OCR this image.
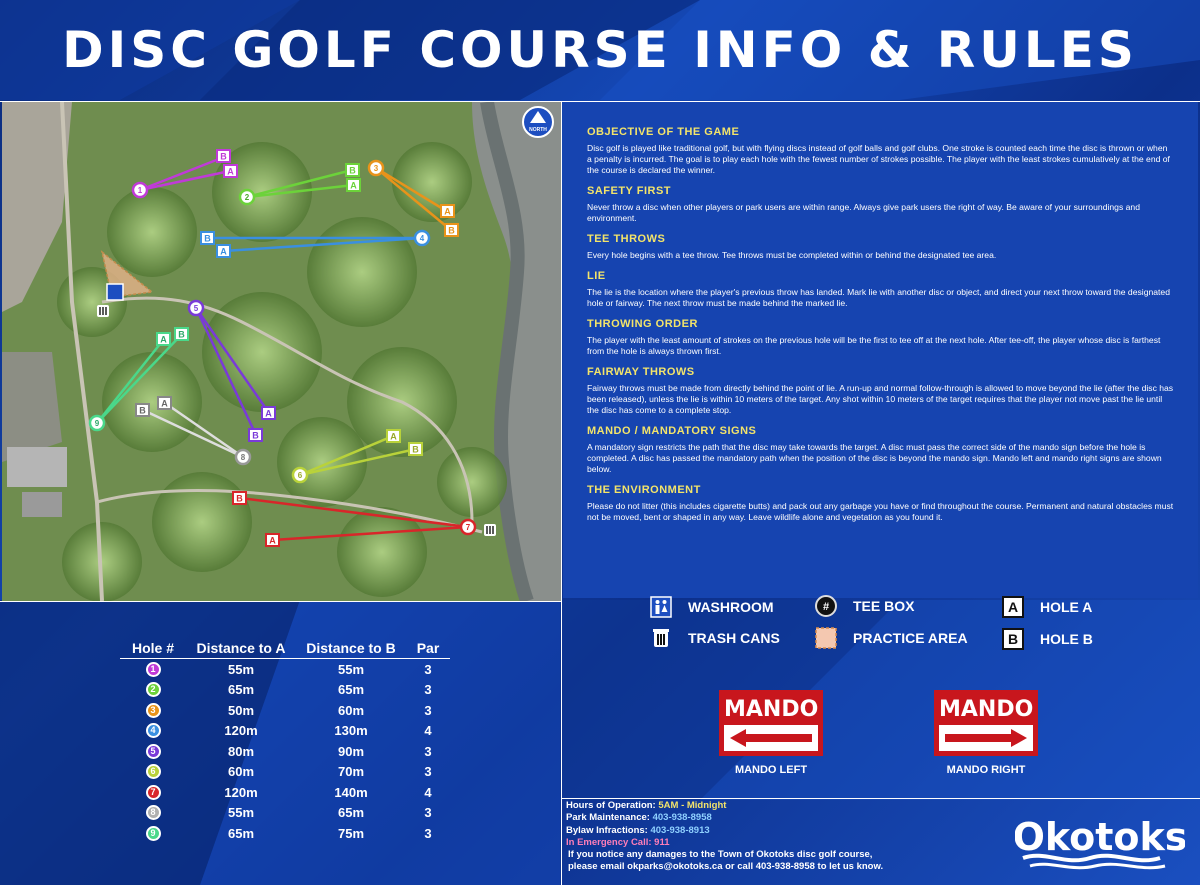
DISC GOLF COURSE INFO & RULES
B
A	B
A
A
B
B
A
A
B	A
B
B
A
B
A
A B
1
2
3
4
5
6
7
8
9
NORTH	OBJECTIVE OF THE GAME

Disc golf is played like traditional golf, but with flying discs instead of golf balls and golf clubs. One stroke is counted each time the disc is thrown or when a penalty is incurred. The goal is to play each hole with the fewest number of strokes possible. The player with the least strokes cumulatively at the end of the course is declared the winner.

SAFETY FIRST

Never throw a disc when other players or park users are within range. Always give park users the right of way. Be aware of your surroundings and environment.

TEE THROWS

Every hole begins with a tee throw. Tee throws must be completed within or behind the designated tee area.

LIE

The lie is the location where the player's previous throw has landed. Mark lie with another disc or object, and direct your next throw toward the designated hole or fairway. The next throw must be made behind the marked lie.

THROWING ORDER

The player with the least amount of strokes on the previous hole will be the first to tee off at the next hole. After tee-off, the player whose disc is farthest from the hole is always thrown first.

FAIRWAY THROWS

Fairway throws must be made from directly behind the point of lie. A run-up and normal follow-through is allowed to move beyond the lie (after the disc has been released), unless the lie is within 10 meters of the target. Any shot within 10 meters of the target requires that the player not move past the lie until the disc has come to a complete stop.

MANDO / MANDATORY SIGNS

A mandatory sign restricts the path that the disc may take towards the target. A disc must pass the correct side of the mando sign before the hole is completed. A disc has passed the mandatory path when the position of the disc is beyond the mando sign. Mando left and mando right signs are shown below.

THE ENVIRONMENT

Please do not litter (this includes cigarette butts) and pack out any garbage you have or find throughout the course. Permanent and natural obstacles must not be moved, bent or shaped in any way. Leave wildlife alone and vegetation as you found it.

WASHROOM
TRASH CANS
# TEE BOX
PRACTICE AREA
A HOLE A
B HOLE B
MANDO
MANDO LEFT
MANDO
MANDO RIGHT
Hole #	Distance to A	Distance to B	Par
1	55m	55m	3
2	65m	65m	3
3	50m	60m	3
4	120m	130m	4
5	80m	90m	3
6	60m	70m	3
7	120m	140m	4
8	55m	65m	3
9	65m	75m	3
Hours of Operation: 5AM - Midnight
Park Maintenance: 403-938-8958
Bylaw Infractions: 403-938-8913
In Emergency Call: 911
If you notice any damages to the Town of Okotoks disc golf course,
please email okparks@okotoks.ca or call 403-938-8958 to let us know.
Okotoks
